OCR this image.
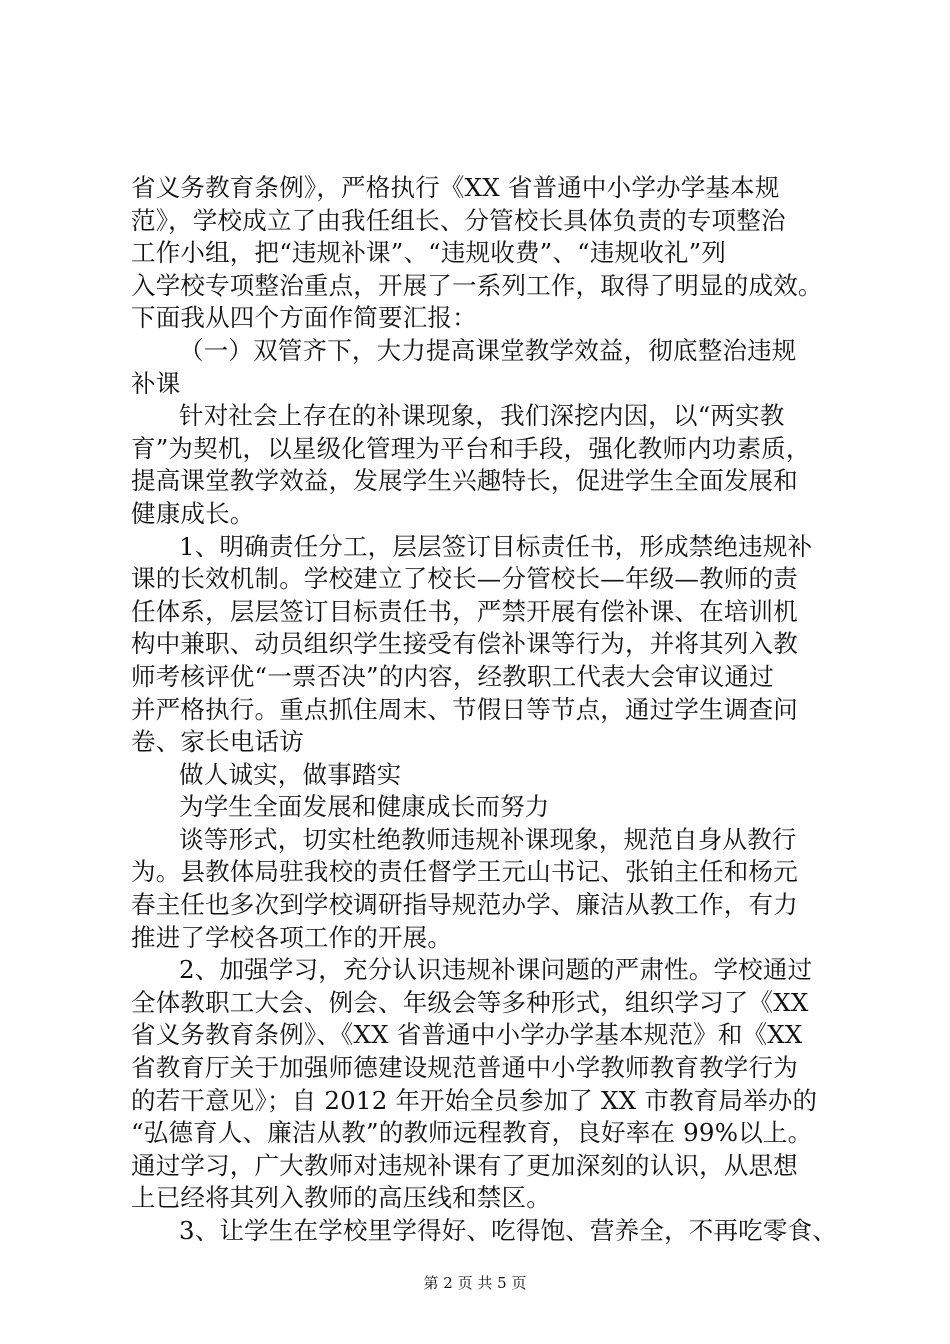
省义务教育条例》，严格执行《XX 省普通中小学办学基本规
范》，学校成立了由我任组长、分管校长具体负责的专项整治
工作小组，把“违规补课”、“违规收费”、“违规收礼”列
入学校专项整治重点，开展了一系列工作，取得了明显的成效。
下面我从四个方面作简要汇报：
（一）双管齐下，大力提高课堂教学效益，彻底整治违规
补课
针对社会上存在的补课现象，我们深挖内因，以“两实教
育”为契机，以星级化管理为平台和手段，强化教师内功素质，
提高课堂教学效益，发展学生兴趣特长，促进学生全面发展和
健康成长。
1、明确责任分工，层层签订目标责任书，形成禁绝违规补
课的长效机制。学校建立了校长—分管校长—年级—教师的责
任体系，层层签订目标责任书，严禁开展有偿补课、在培训机
构中兼职、动员组织学生接受有偿补课等行为，并将其列入教
师考核评优“一票否决”的内容，经教职工代表大会审议通过
并严格执行。重点抓住周末、节假日等节点，通过学生调查问
卷、家长电话访
做人诚实，做事踏实
为学生全面发展和健康成长而努力
谈等形式，切实杜绝教师违规补课现象，规范自身从教行
为。县教体局驻我校的责任督学王元山书记、张铂主任和杨元
春主任也多次到学校调研指导规范办学、廉洁从教工作，有力
推进了学校各项工作的开展。
2、加强学习，充分认识违规补课问题的严肃性。学校通过
全体教职工大会、例会、年级会等多种形式，组织学习了《XX
省义务教育条例》、《XX 省普通中小学办学基本规范》和《XX
省教育厅关于加强师德建设规范普通中小学教师教育教学行为
的若干意见》；自 2012 年开始全员参加了 XX 市教育局举办的
“弘德育人、廉洁从教”的教师远程教育，良好率在 99%以上。
通过学习，广大教师对违规补课有了更加深刻的认识，从思想
上已经将其列入教师的高压线和禁区。
3、让学生在学校里学得好、吃得饱、营养全，不再吃零食、
第 2 页 共 5 页
